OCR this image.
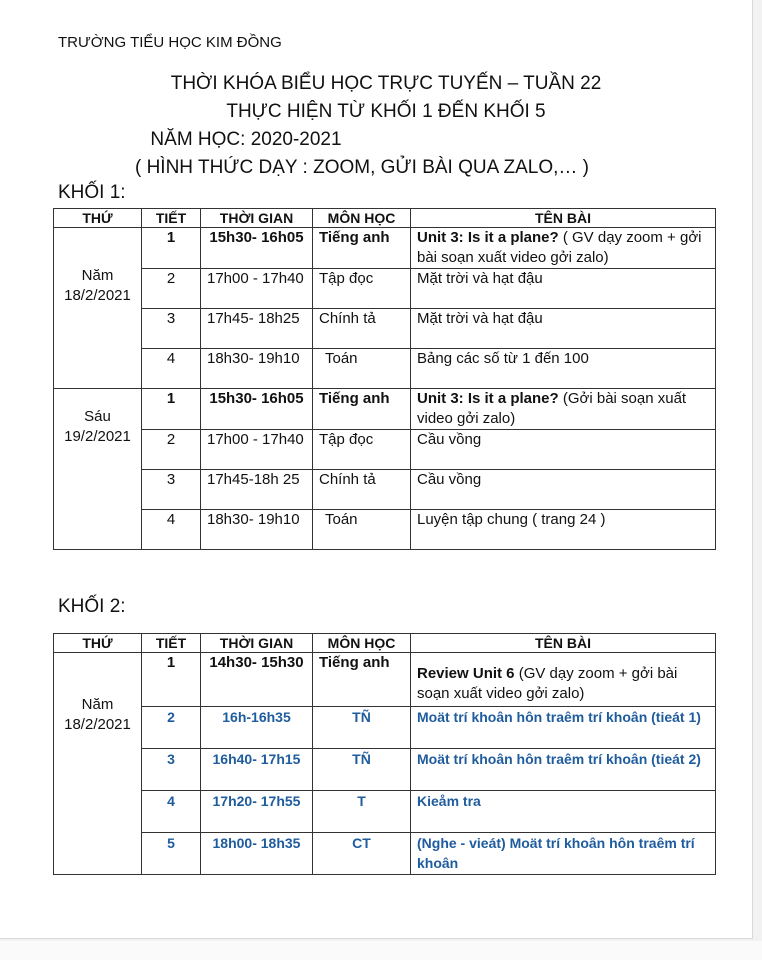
TRƯỜNG TIỂU HỌC KIM ĐỒNG
THỜI KHÓA BIỂU HỌC TRỰC TUYẾN – TUẦN 22
THỰC HIỆN TỪ KHỐI 1 ĐẾN KHỐI 5
NĂM HỌC: 2020-2021
( HÌNH THỨC DẠY : ZOOM, GỬI BÀI QUA ZALO,… )
KHỐI 1:
THỨ	TIẾT	THỜI GIAN	MÔN HỌC	TÊN BÀI

Năm
18/2/2021	1	15h30- 16h05	Tiếng anh	Unit 3: Is it a plane? ( GV dạy zoom + gởi bài soạn xuất video gởi zalo)
	2	17h00 - 17h40	Tập đọc	Mặt trời và hạt đậu
	3	17h45- 18h25	Chính tả	Mặt trời và hạt đậu
	4	18h30- 19h10	Toán	Bảng các số từ 1 đến 100

Sáu
19/2/2021	1	15h30- 16h05	Tiếng anh	Unit 3: Is it a plane? (Gởi bài soạn xuất video gởi zalo)
	2	17h00 - 17h40	Tập đọc	Cầu vồng
	3	17h45-18h 25	Chính tả	Cầu vồng
	4	18h30- 19h10	Toán	Luyện tập chung ( trang 24 )
KHỐI 2:
THỨ	TIẾT	THỜI GIAN	MÔN HỌC	TÊN BÀI

Năm
18/2/2021	1	14h30- 15h30	Tiếng anh	Review Unit 6 (GV dạy zoom + gởi bài soạn xuất video gởi zalo)
	2	16h-16h35	TÑ	Moät trí khoân hôn traêm trí khoân (tieát 1)
	3	16h40- 17h15	TÑ	Moät trí khoân hôn traêm trí khoân (tieát 2)
	4	17h20- 17h55	T	Kieåm tra
	5	18h00- 18h35	CT	(Nghe - vieát) Moät trí khoân hôn traêm trí khoân
